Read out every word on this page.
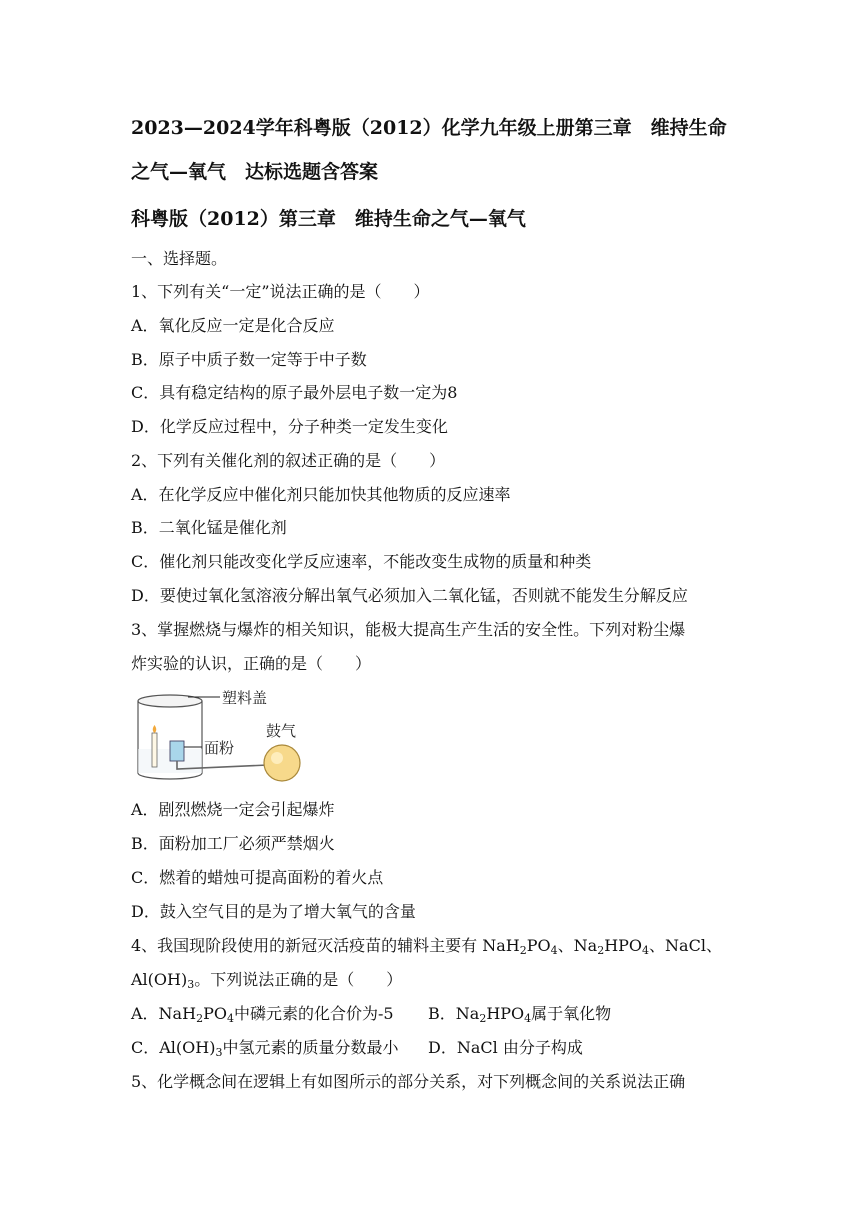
2023—2024学年科粤版（2012）化学九年级上册第三章　维持生命
之气—氧气　达标选题含答案
科粤版（2012）第三章　维持生命之气—氧气
一、选择题。
1、下列有关“一定”说法正确的是（　　）
A．氧化反应一定是化合反应
B．原子中质子数一定等于中子数
C．具有稳定结构的原子最外层电子数一定为8
D．化学反应过程中，分子种类一定发生变化
2、下列有关催化剂的叙述正确的是（　　）
A．在化学反应中催化剂只能加快其他物质的反应速率
B．二氧化锰是催化剂
C．催化剂只能改变化学反应速率，不能改变生成物的质量和种类
D．要使过氧化氢溶液分解出氧气必须加入二氧化锰，否则就不能发生分解反应
3、掌握燃烧与爆炸的相关知识，能极大提高生产生活的安全性。下列对粉尘爆
炸实验的认识，正确的是（　　）
塑料盖
面粉
鼓气
A．剧烈燃烧一定会引起爆炸
B．面粉加工厂必须严禁烟火
C．燃着的蜡烛可提高面粉的着火点
D．鼓入空气目的是为了增大氧气的含量
4、我国现阶段使用的新冠灭活疫苗的辅料主要有 $NaH_2PO_4$、$Na_2HPO_4$、NaCl、
$Al(OH)_3$。下列说法正确的是（　　）
A．$NaH_2PO_4$中磷元素的化合价为-5 B．$Na_2HPO_4$属于氧化物
C．$Al(OH)_3$中氢元素的质量分数最小 D．NaCl 由分子构成
5、化学概念间在逻辑上有如图所示的部分关系，对下列概念间的关系说法正确
